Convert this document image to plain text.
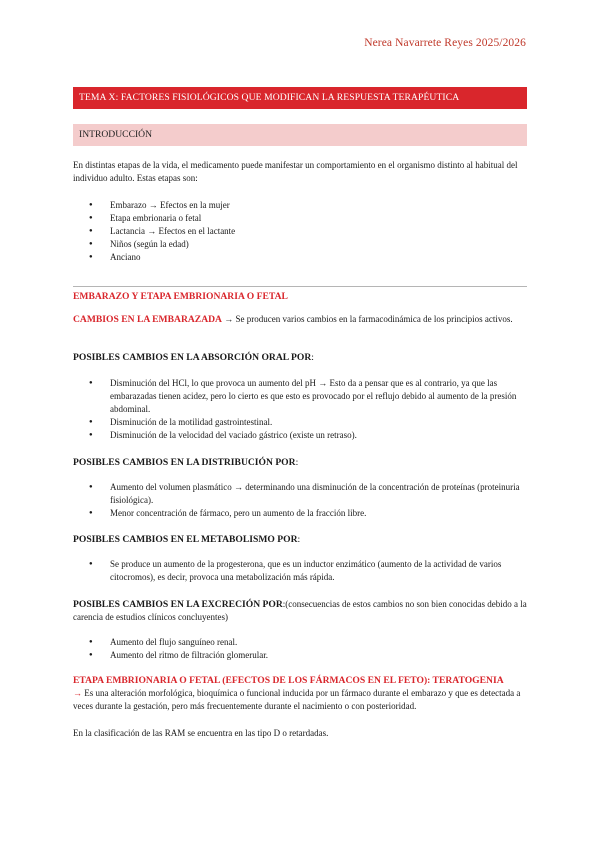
Nerea Navarrete Reyes 2025/2026
TEMA X: FACTORES FISIOLÓGICOS QUE MODIFICAN LA RESPUESTA TERAPÉUTICA
INTRODUCCIÓN

En distintas etapas de la vida, el medicamento puede manifestar un comportamiento en el organismo distinto al habitual del individuo adulto. Estas etapas son:

● Embarazo → Efectos en la mujer
● Etapa embrionaria o fetal
● Lactancia → Efectos en el lactante
● Niños (según la edad)
● Anciano

EMBARAZO Y ETAPA EMBRIONARIA O FETAL

CAMBIOS EN LA EMBARAZADA → Se producen varios cambios en la farmacodinámica de los principios activos.

POSIBLES CAMBIOS EN LA ABSORCIÓN ORAL POR:

● Disminución del HCl, lo que provoca un aumento del pH → Esto da a pensar que es al contrario, ya que las embarazadas tienen acidez, pero lo cierto es que esto es provocado por el reflujo debido al aumento de la presión abdominal.
● Disminución de la motilidad gastrointestinal.
● Disminución de la velocidad del vaciado gástrico (existe un retraso).

POSIBLES CAMBIOS EN LA DISTRIBUCIÓN POR:

● Aumento del volumen plasmático → determinando una disminución de la concentración de proteínas (proteinuria fisiológica).
● Menor concentración de fármaco, pero un aumento de la fracción libre.

POSIBLES CAMBIOS EN EL METABOLISMO POR:

● Se produce un aumento de la progesterona, que es un inductor enzimático (aumento de la actividad de varios citocromos), es decir, provoca una metabolización más rápida.

POSIBLES CAMBIOS EN LA EXCRECIÓN POR:(consecuencias de estos cambios no son bien conocidas debido a la carencia de estudios clínicos concluyentes)

● Aumento del flujo sanguíneo renal.
● Aumento del ritmo de filtración glomerular.

ETAPA EMBRIONARIA O FETAL (EFECTOS DE LOS FÁRMACOS EN EL FETO): TERATOGENIA
→ Es una alteración morfológica, bioquímica o funcional inducida por un fármaco durante el embarazo y que es detectada a veces durante la gestación, pero más frecuentemente durante el nacimiento o con posterioridad.

En la clasificación de las RAM se encuentra en las tipo D o retardadas.
